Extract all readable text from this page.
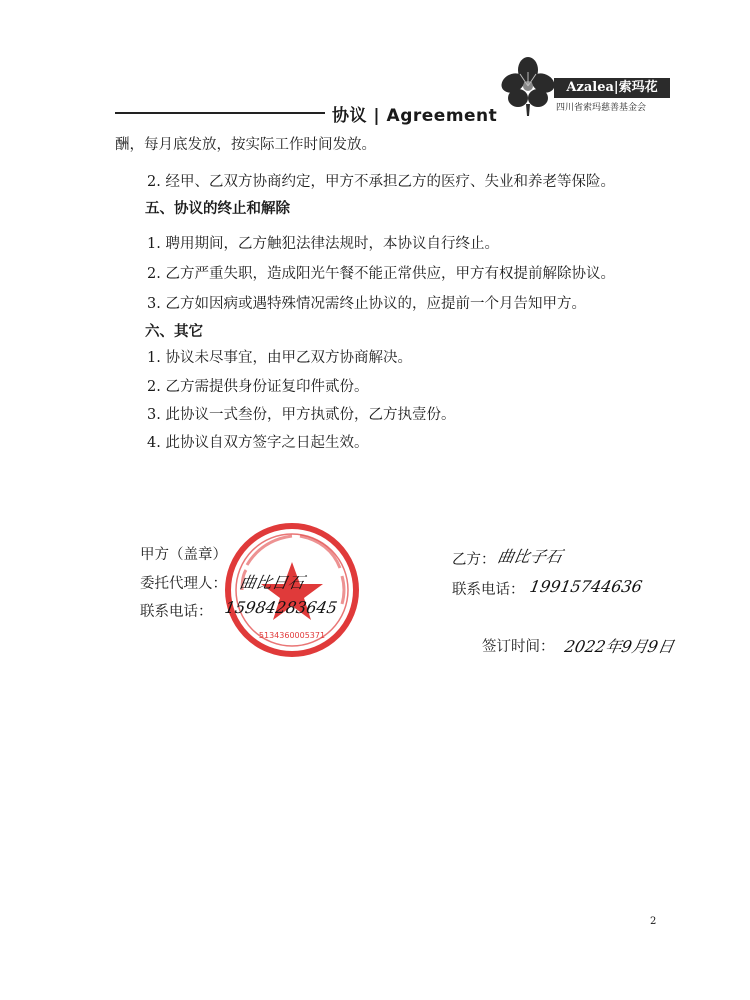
协议 | Agreement
Azalea|索玛花
四川省索玛慈善基金会
酬，每月底发放，按实际工作时间发放。
2. 经甲、乙双方协商约定，甲方不承担乙方的医疗、失业和养老等保险。
五、协议的终止和解除
1. 聘用期间，乙方触犯法律法规时，本协议自行终止。
2. 乙方严重失职，造成阳光午餐不能正常供应，甲方有权提前解除协议。
3. 乙方如因病或遇特殊情况需终止协议的，应提前一个月告知甲方。
六、其它
1. 协议未尽事宜，由甲乙双方协商解决。
2. 乙方需提供身份证复印件贰份。
3. 此协议一式叁份，甲方执贰份，乙方执壹份。
4. 此协议自双方签字之日起生效。
5134360005371
甲方（盖章）
委托代理人： 曲比日石
联系电话： 15984283645
乙方： 曲比子石
联系电话： 19915744636
签订时间： 2022年9月9日
2
